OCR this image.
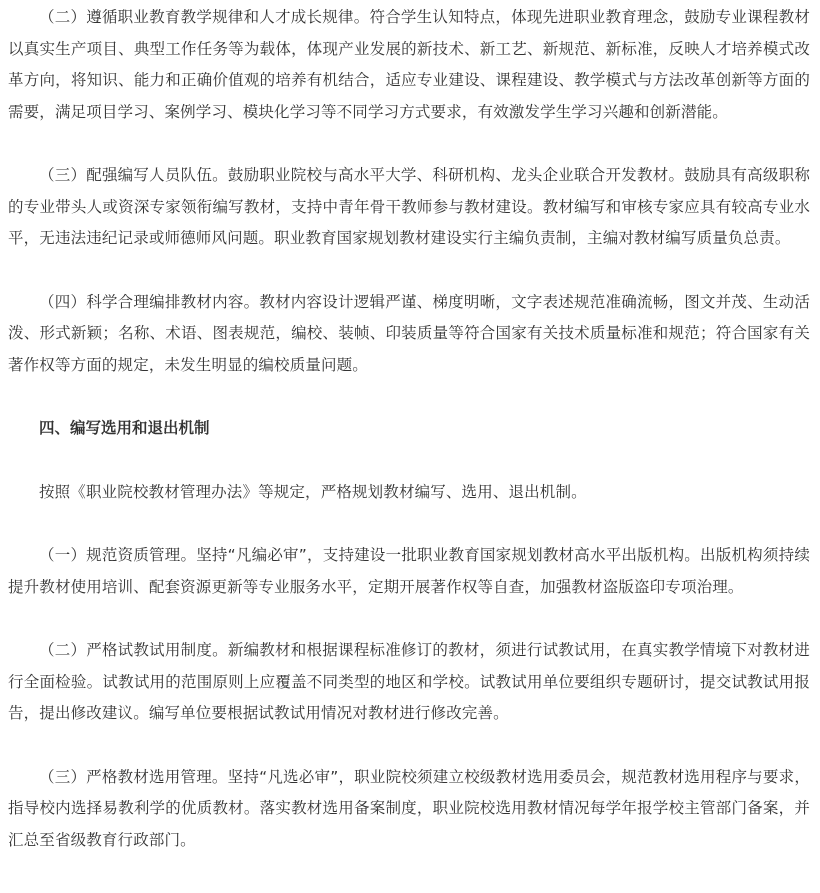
（二）遵循职业教育教学规律和人才成长规律。符合学生认知特点，体现先进职业教育理念，鼓励专业课程教材以真实生产项目、典型工作任务等为载体，体现产业发展的新技术、新工艺、新规范、新标准，反映人才培养模式改革方向，将知识、能力和正确价值观的培养有机结合，适应专业建设、课程建设、教学模式与方法改革创新等方面的需要，满足项目学习、案例学习、模块化学习等不同学习方式要求，有效激发学生学习兴趣和创新潜能。

（三）配强编写人员队伍。鼓励职业院校与高水平大学、科研机构、龙头企业联合开发教材。鼓励具有高级职称的专业带头人或资深专家领衔编写教材，支持中青年骨干教师参与教材建设。教材编写和审核专家应具有较高专业水平，无违法违纪记录或师德师风问题。职业教育国家规划教材建设实行主编负责制，主编对教材编写质量负总责。

（四）科学合理编排教材内容。教材内容设计逻辑严谨、梯度明晰，文字表述规范准确流畅，图文并茂、生动活泼、形式新颖；名称、术语、图表规范，编校、装帧、印装质量等符合国家有关技术质量标准和规范；符合国家有关著作权等方面的规定，未发生明显的编校质量问题。

四、编写选用和退出机制

按照《职业院校教材管理办法》等规定，严格规划教材编写、选用、退出机制。

（一）规范资质管理。坚持“凡编必审”，支持建设一批职业教育国家规划教材高水平出版机构。出版机构须持续提升教材使用培训、配套资源更新等专业服务水平，定期开展著作权等自查，加强教材盗版盗印专项治理。

（二）严格试教试用制度。新编教材和根据课程标准修订的教材，须进行试教试用，在真实教学情境下对教材进行全面检验。试教试用的范围原则上应覆盖不同类型的地区和学校。试教试用单位要组织专题研讨，提交试教试用报告，提出修改建议。编写单位要根据试教试用情况对教材进行修改完善。

（三）严格教材选用管理。坚持“凡选必审”，职业院校须建立校级教材选用委员会，规范教材选用程序与要求，指导校内选择易教利学的优质教材。落实教材选用备案制度，职业院校选用教材情况每学年报学校主管部门备案，并汇总至省级教育行政部门。
